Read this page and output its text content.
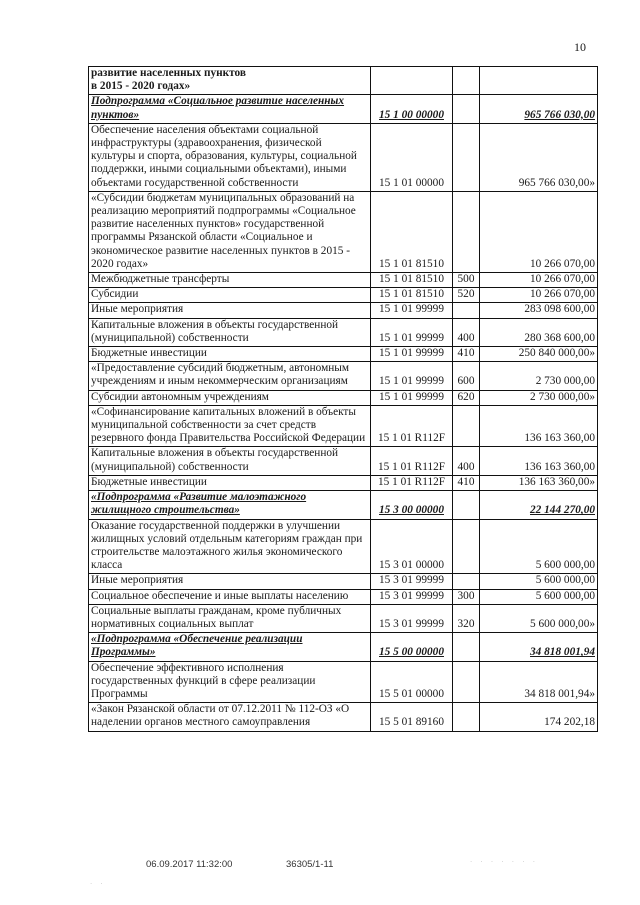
10
развитие населенных пунктов
в 2015 - 2020 годах»			
Подпрограмма «Социальное развитие населенных пунктов»	15 1 00 00000		965 766 030,00
Обеспечение населения объектами социальной инфраструктуры (здравоохранения, физической культуры и спорта, образования, культуры, социальной поддержки, иными социальными объектами), иными объектами государственной собственности	15 1 01 00000		965 766 030,00»
«Субсидии бюджетам муниципальных образований на реализацию мероприятий подпрограммы «Социальное развитие населенных пунктов» государственной программы Рязанской области «Социальное и экономическое развитие населенных пунктов в 2015 - 2020 годах»	15 1 01 81510		10 266 070,00
Межбюджетные трансферты	15 1 01 81510	500	10 266 070,00
Субсидии	15 1 01 81510	520	10 266 070,00
Иные мероприятия	15 1 01 99999		283 098 600,00
Капитальные вложения в объекты государственной (муниципальной) собственности	15 1 01 99999	400	280 368 600,00
Бюджетные инвестиции	15 1 01 99999	410	250 840 000,00»
«Предоставление субсидий бюджетным, автономным учреждениям и иным некоммерческим организациям	15 1 01 99999	600	2 730 000,00
Субсидии автономным учреждениям	15 1 01 99999	620	2 730 000,00»
«Софинансирование капитальных вложений в объекты муниципальной собственности за счет средств резервного фонда Правительства Российской Федерации	15 1 01 R112F		136 163 360,00
Капитальные вложения в объекты государственной (муниципальной) собственности	15 1 01 R112F	400	136 163 360,00
Бюджетные инвестиции	15 1 01 R112F	410	136 163 360,00»
«Подпрограмма «Развитие малоэтажного жилищного строительства»	15 3 00 00000		22 144 270,00
Оказание государственной поддержки в улучшении жилищных условий отдельным категориям граждан при строительстве малоэтажного жилья экономического класса	15 3 01 00000		5 600 000,00
Иные мероприятия	15 3 01 99999		5 600 000,00
Социальное обеспечение и иные выплаты населению	15 3 01 99999	300	5 600 000,00
Социальные выплаты гражданам, кроме публичных нормативных социальных выплат	15 3 01 99999	320	5 600 000,00»
«Подпрограмма «Обеспечение реализации Программы»	15 5 00 00000		34 818 001,94
Обеспечение эффективного исполнения государственных функций в сфере реализации Программы	15 5 01 00000		34 818 001,94»
«Закон Рязанской области от 07.12.2011 № 112-ОЗ «О наделении органов местного самоуправления	15 5 01 89160		174 202,18
06.09.2017 11:32:00	36305/1-11	· · · · · · ·
· ·
